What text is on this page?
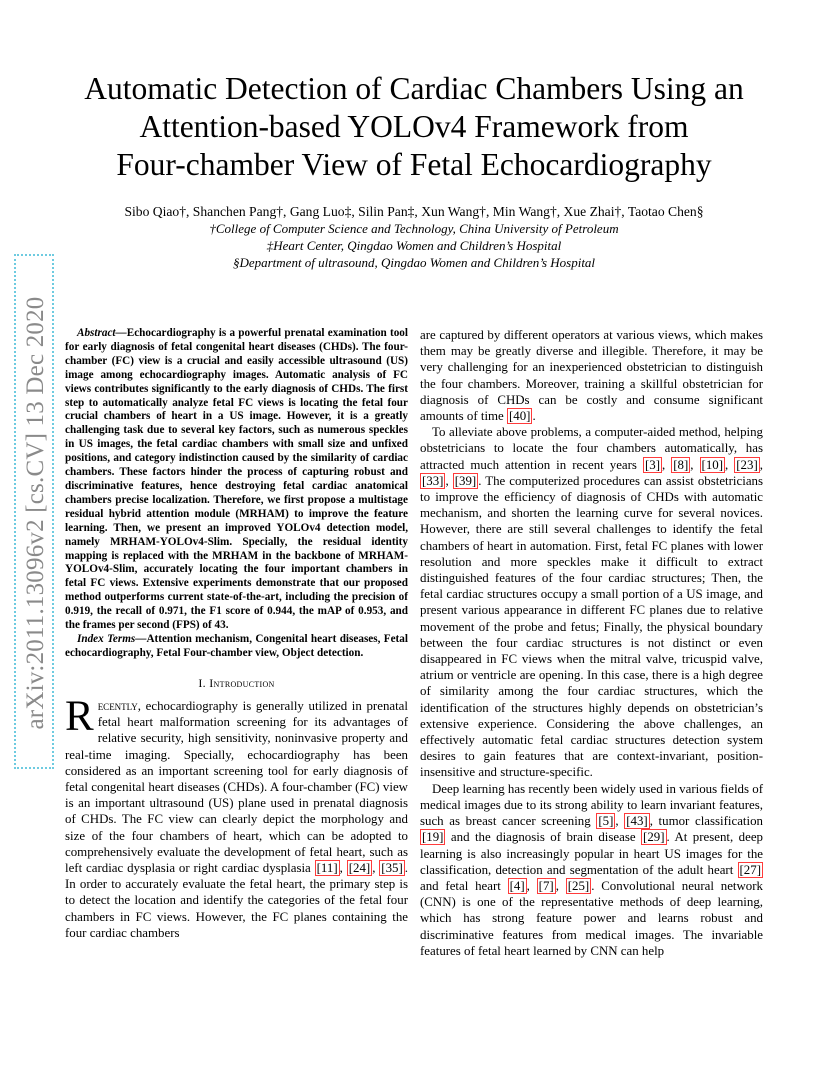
arXiv:2011.13096v2 [cs.CV] 13 Dec 2020
Automatic Detection of Cardiac Chambers Using an
Attention-based YOLOv4 Framework from
Four-chamber View of Fetal Echocardiography
Sibo Qiao†, Shanchen Pang†, Gang Luo‡, Silin Pan‡, Xun Wang†, Min Wang†, Xue Zhai†, Taotao Chen§
†College of Computer Science and Technology, China University of Petroleum
‡Heart Center, Qingdao Women and Children’s Hospital
§Department of ultrasound, Qingdao Women and Children’s Hospital

Abstract—Echocardiography is a powerful prenatal examination tool for early diagnosis of fetal congenital heart diseases (CHDs). The four-chamber (FC) view is a crucial and easily accessible ultrasound (US) image among echocardiography images. Automatic analysis of FC views contributes significantly to the early diagnosis of CHDs. The first step to automatically analyze fetal FC views is locating the fetal four crucial chambers of heart in a US image. However, it is a greatly challenging task due to several key factors, such as numerous speckles in US images, the fetal cardiac chambers with small size and unfixed positions, and category indistinction caused by the similarity of cardiac chambers. These factors hinder the process of capturing robust and discriminative features, hence destroying fetal cardiac anatomical chambers precise localization. Therefore, we first propose a multistage residual hybrid attention module (MRHAM) to improve the feature learning. Then, we present an improved YOLOv4 detection model, namely MRHAM-YOLOv4-Slim. Specially, the residual identity mapping is replaced with the MRHAM in the backbone of MRHAM-YOLOv4-Slim, accurately locating the four important chambers in fetal FC views. Extensive experiments demonstrate that our proposed method outperforms current state-of-the-art, including the precision of 0.919, the recall of 0.971, the F1 score of 0.944, the mAP of 0.953, and the frames per second (FPS) of 43.

Index Terms—Attention mechanism, Congenital heart diseases, Fetal echocardiography, Fetal Four-chamber view, Object detection.

I. Introduction

Recently, echocardiography is generally utilized in prenatal fetal heart malformation screening for its advantages of relative security, high sensitivity, noninvasive property and real-time imaging. Specially, echocardiography has been considered as an important screening tool for early diagnosis of fetal congenital heart diseases (CHDs). A four-chamber (FC) view is an important ultrasound (US) plane used in prenatal diagnosis of CHDs. The FC view can clearly depict the morphology and size of the four chambers of heart, which can be adopted to comprehensively evaluate the development of fetal heart, such as left cardiac dysplasia or right cardiac dysplasia [11] , [24] , [35] . In order to accurately evaluate the fetal heart, the primary step is to detect the location and identify the categories of the fetal four chambers in FC views. However, the FC planes containing the four cardiac chambers

are captured by different operators at various views, which makes them may be greatly diverse and illegible. Therefore, it may be very challenging for an inexperienced obstetrician to distinguish the four chambers. Moreover, training a skillful obstetrician for diagnosis of CHDs can be costly and consume significant amounts of time [40] .

To alleviate above problems, a computer-aided method, helping obstetricians to locate the four chambers automatically, has attracted much attention in recent years [3] , [8] , [10] , [23] , [33] , [39] . The computerized procedures can assist obstetricians to improve the efficiency of diagnosis of CHDs with automatic mechanism, and shorten the learning curve for several novices. However, there are still several challenges to identify the fetal chambers of heart in automation. First, fetal FC planes with lower resolution and more speckles make it difficult to extract distinguished features of the four cardiac structures; Then, the fetal cardiac structures occupy a small portion of a US image, and present various appearance in different FC planes due to relative movement of the probe and fetus; Finally, the physical boundary between the four cardiac structures is not distinct or even disappeared in FC views when the mitral valve, tricuspid valve, atrium or ventricle are opening. In this case, there is a high degree of similarity among the four cardiac structures, which the identification of the structures highly depends on obstetrician’s extensive experience. Considering the above challenges, an effectively automatic fetal cardiac structures detection system desires to gain features that are context-invariant, position-insensitive and structure-specific.

Deep learning has recently been widely used in various fields of medical images due to its strong ability to learn invariant features, such as breast cancer screening [5] , [43] , tumor classification [19] and the diagnosis of brain disease [29] . At present, deep learning is also increasingly popular in heart US images for the classification, detection and segmentation of the adult heart [27] and fetal heart [4] , [7] , [25] . Convolutional neural network (CNN) is one of the representative methods of deep learning, which has strong feature power and learns robust and discriminative features from medical images. The invariable features of fetal heart learned by CNN can help
